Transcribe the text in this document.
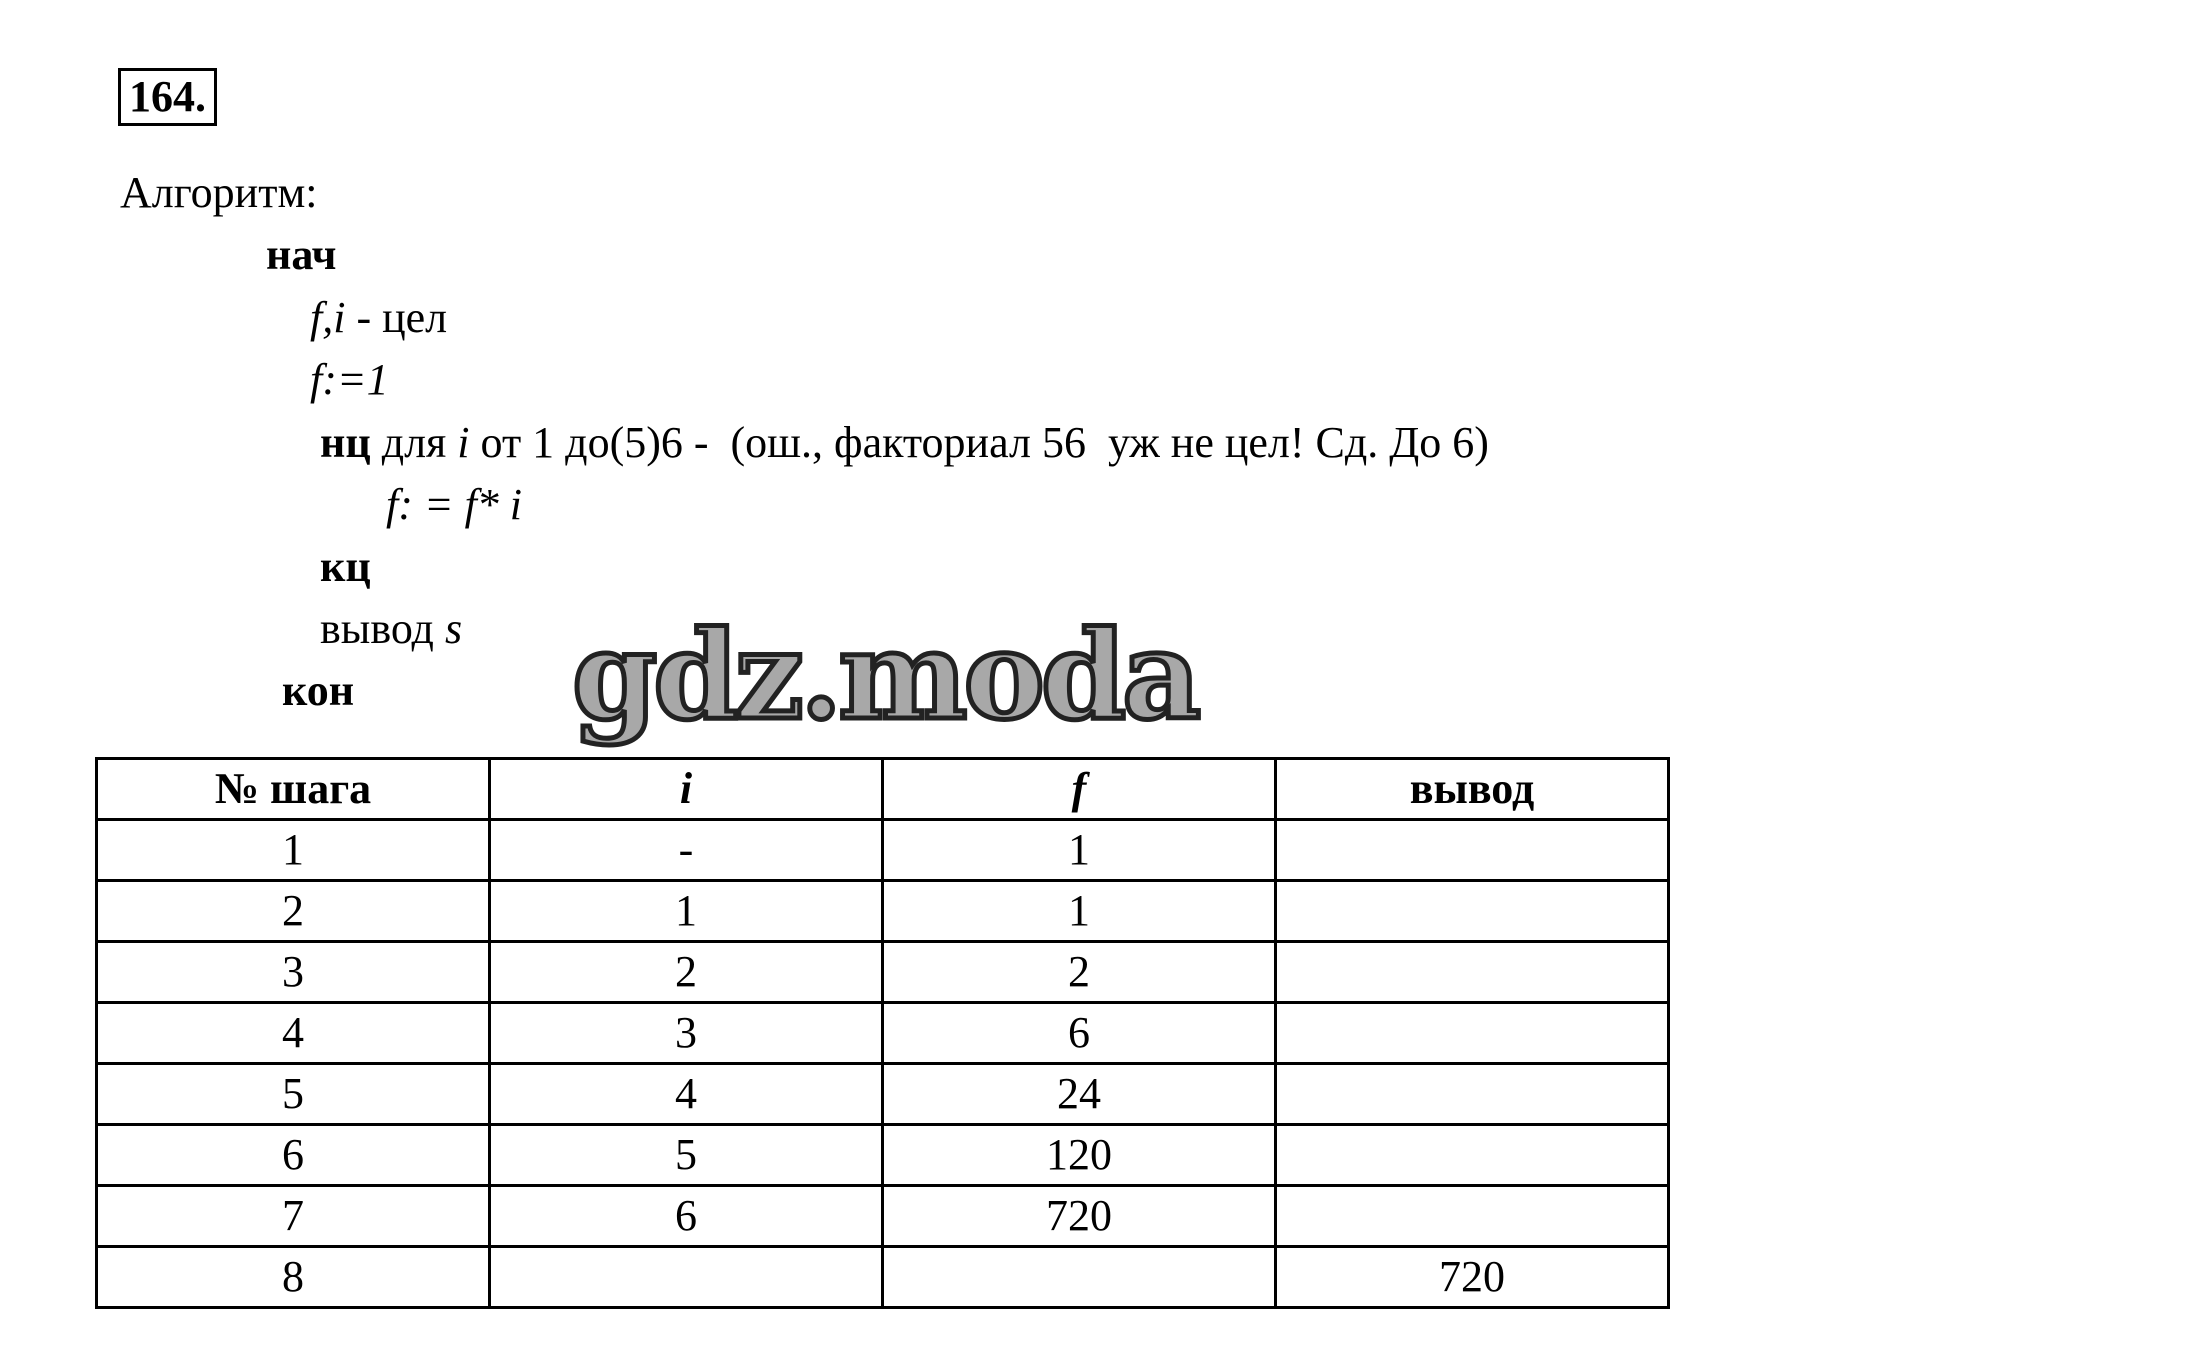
164.
Алгоритм:
нач
f,i - цел
f:=1
нц для i от 1 до(5)6 -  (ош., факториал 56  уж не цел! Сд. До 6)
f: = f* i
кц
вывод s
кон gdz.moda
№ шага	i	f	вывод
1	-	1	
2	1	1	
3	2	2	
4	3	6	
5	4	24	
6	5	120	
7	6	720	
8			720
